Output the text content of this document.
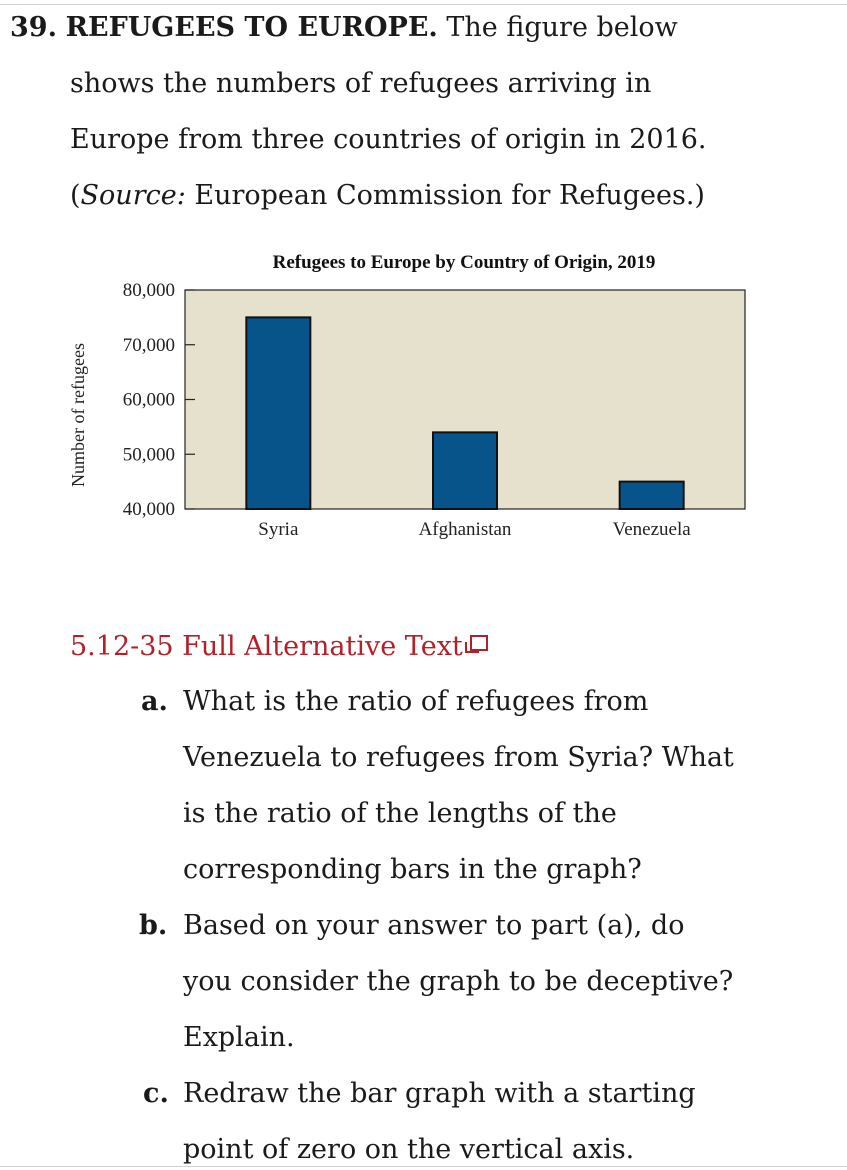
39. REFUGEES TO EUROPE. The figure below
shows the numbers of refugees arriving in
Europe from three countries of origin in 2016.
(Source: European Commission for Refugees.)
Refugees to Europe by Country of Origin, 2019
Number of refugees
40,000
50,000
60,000
70,000
80,000
Syria	Afghanistan	Venezuela
5.12-35 Full Alternative Text
a. What is the ratio of refugees from
Venezuela to refugees from Syria? What
is the ratio of the lengths of the
corresponding bars in the graph?
b. Based on your answer to part (a), do
you consider the graph to be deceptive?
Explain.
c. Redraw the bar graph with a starting
point of zero on the vertical axis.
